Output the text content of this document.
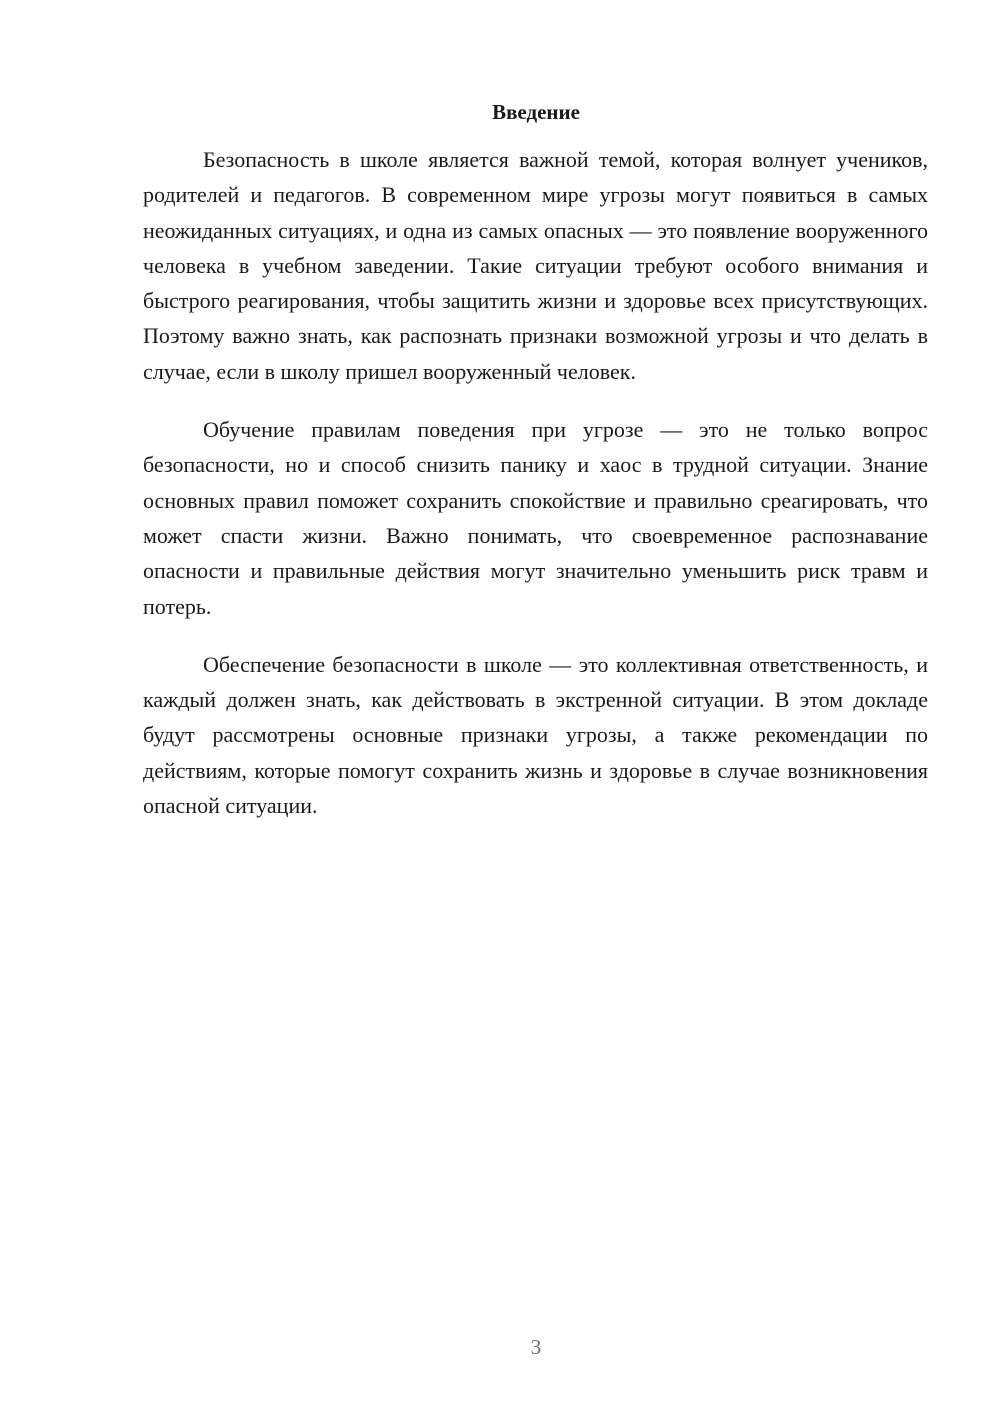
Введение

Безопасность в школе является важной темой, которая волнует учеников, родителей и педагогов. В современном мире угрозы могут появиться в самых неожиданных ситуациях, и одна из самых опасных — это появление вооруженного человека в учебном заведении. Такие ситуации требуют особого внимания и быстрого реагирования, чтобы защитить жизни и здоровье всех присутствующих. Поэтому важно знать, как распознать признаки возможной угрозы и что делать в случае, если в школу пришел вооруженный человек.

Обучение правилам поведения при угрозе — это не только вопрос безопасности, но и способ снизить панику и хаос в трудной ситуации. Знание основных правил поможет сохранить спокойствие и правильно среагировать, что может спасти жизни. Важно понимать, что своевременное распознавание опасности и правильные действия могут значительно уменьшить риск травм и потерь.

Обеспечение безопасности в школе — это коллективная ответственность, и каждый должен знать, как действовать в экстренной ситуации. В этом докладе будут рассмотрены основные признаки угрозы, а также рекомендации по действиям, которые помогут сохранить жизнь и здоровье в случае возникновения опасной ситуации.

3
